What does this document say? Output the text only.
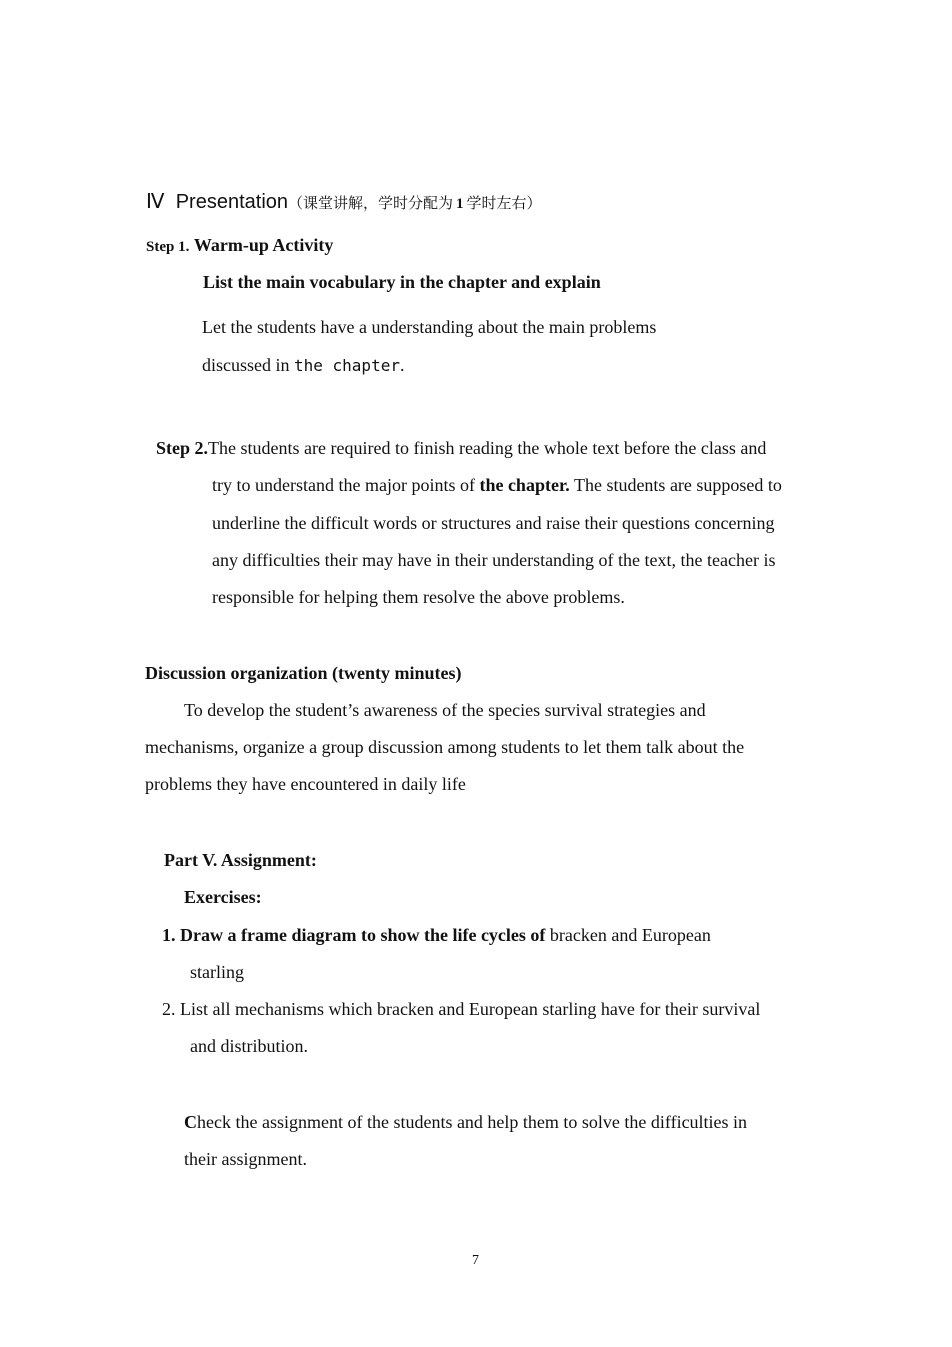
Ⅳ Presentation（课堂讲解，学时分配为 1 学时左右）
Step 1. Warm-up Activity
List the main vocabulary in the chapter and explain
Let the students have a understanding about the main problems
discussed in the chapter.
Step 2.The students are required to finish reading the whole text before the class and
try to understand the major points of the chapter. The students are supposed to
underline the difficult words or structures and raise their questions concerning
any difficulties their may have in their understanding of the text, the teacher is
responsible for helping them resolve the above problems.
Discussion organization (twenty minutes)
To develop the student’s awareness of the species survival strategies and
mechanisms, organize a group discussion among students to let them talk about the
problems they have encountered in daily life
Part V. Assignment:
Exercises:
1. Draw a frame diagram to show the life cycles of bracken and European
starling
2. List all mechanisms which bracken and European starling have for their survival
and distribution.
Check the assignment of the students and help them to solve the difficulties in
their assignment.
7
